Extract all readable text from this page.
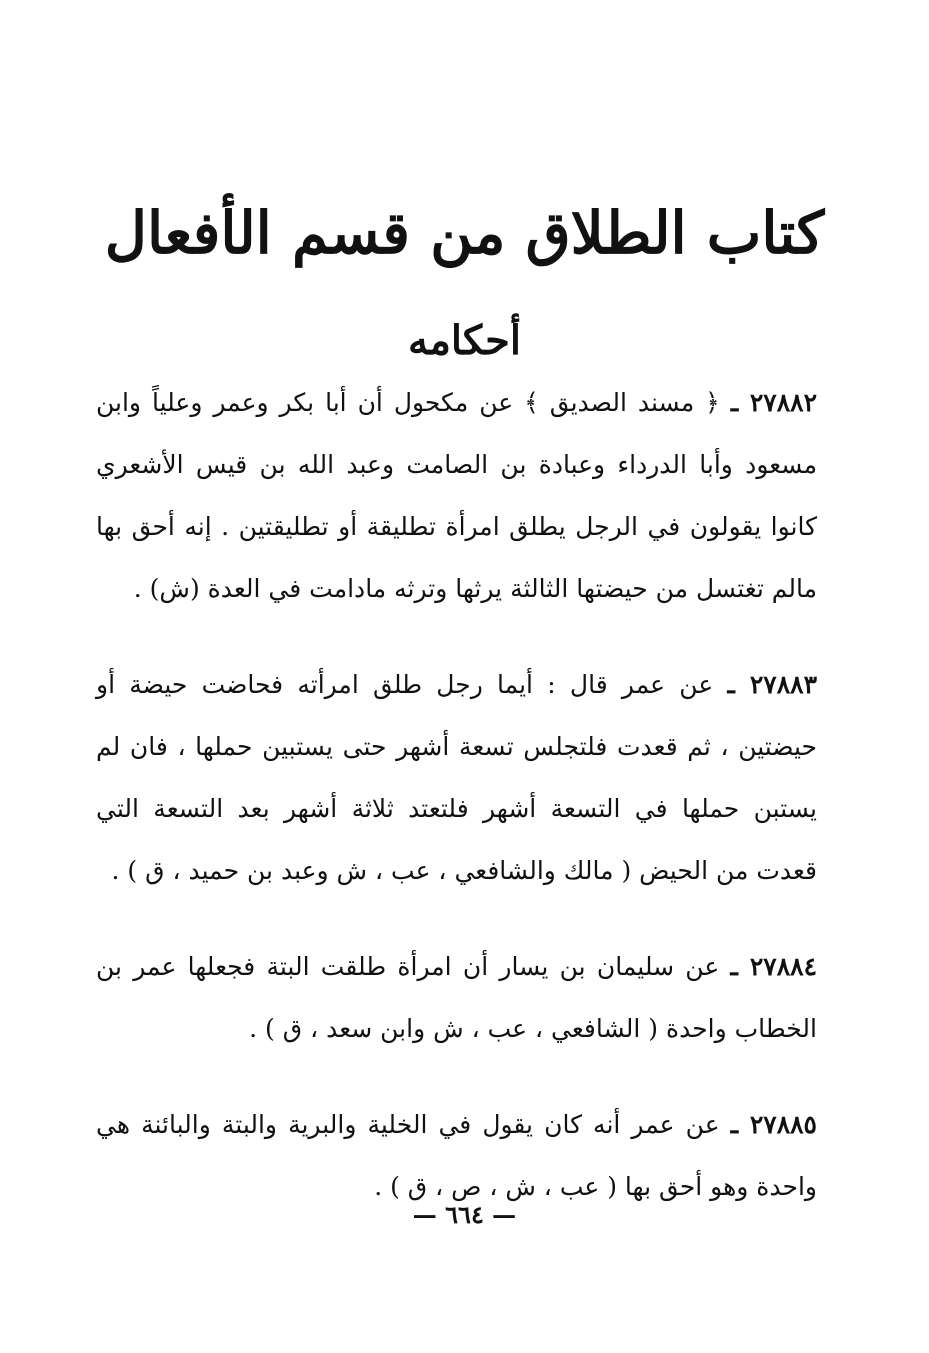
كتاب الطلاق من قسم الأفعال
أحكامه

٢٧٨٨٢ ـ ﴿ مسند الصديق ﴾ عن مكحول أن أبا بكر وعمر وعلياً وابن مسعود وأبا الدرداء وعبادة بن الصامت وعبد الله بن قيس الأشعري كانوا يقولون في الرجل يطلق امرأة تطليقة أو تطليقتين . إنه أحق بها مالم تغتسل من حيضتها الثالثة يرثها وترثه مادامت في العدة (ش) .

٢٧٨٨٣ ـ عن عمر قال : أيما رجل طلق امرأته فحاضت حيضة أو حيضتين ، ثم قعدت فلتجلس تسعة أشهر حتى يستبين حملها ، فان لم يستبن حملها في التسعة أشهر فلتعتد ثلاثة أشهر بعد التسعة التي قعدت من الحيض ( مالك والشافعي ، عب ، ش وعبد بن حميد ، ق ) .

٢٧٨٨٤ ـ عن سليمان بن يسار أن امرأة طلقت البتة فجعلها عمر بن الخطاب واحدة ( الشافعي ، عب ، ش وابن سعد ، ق ) .

٢٧٨٨٥ ـ عن عمر أنه كان يقول في الخلية والبرية والبتة والبائنة هي واحدة وهو أحق بها ( عب ، ش ، ص ، ق ) .

— ٦٦٤ —
